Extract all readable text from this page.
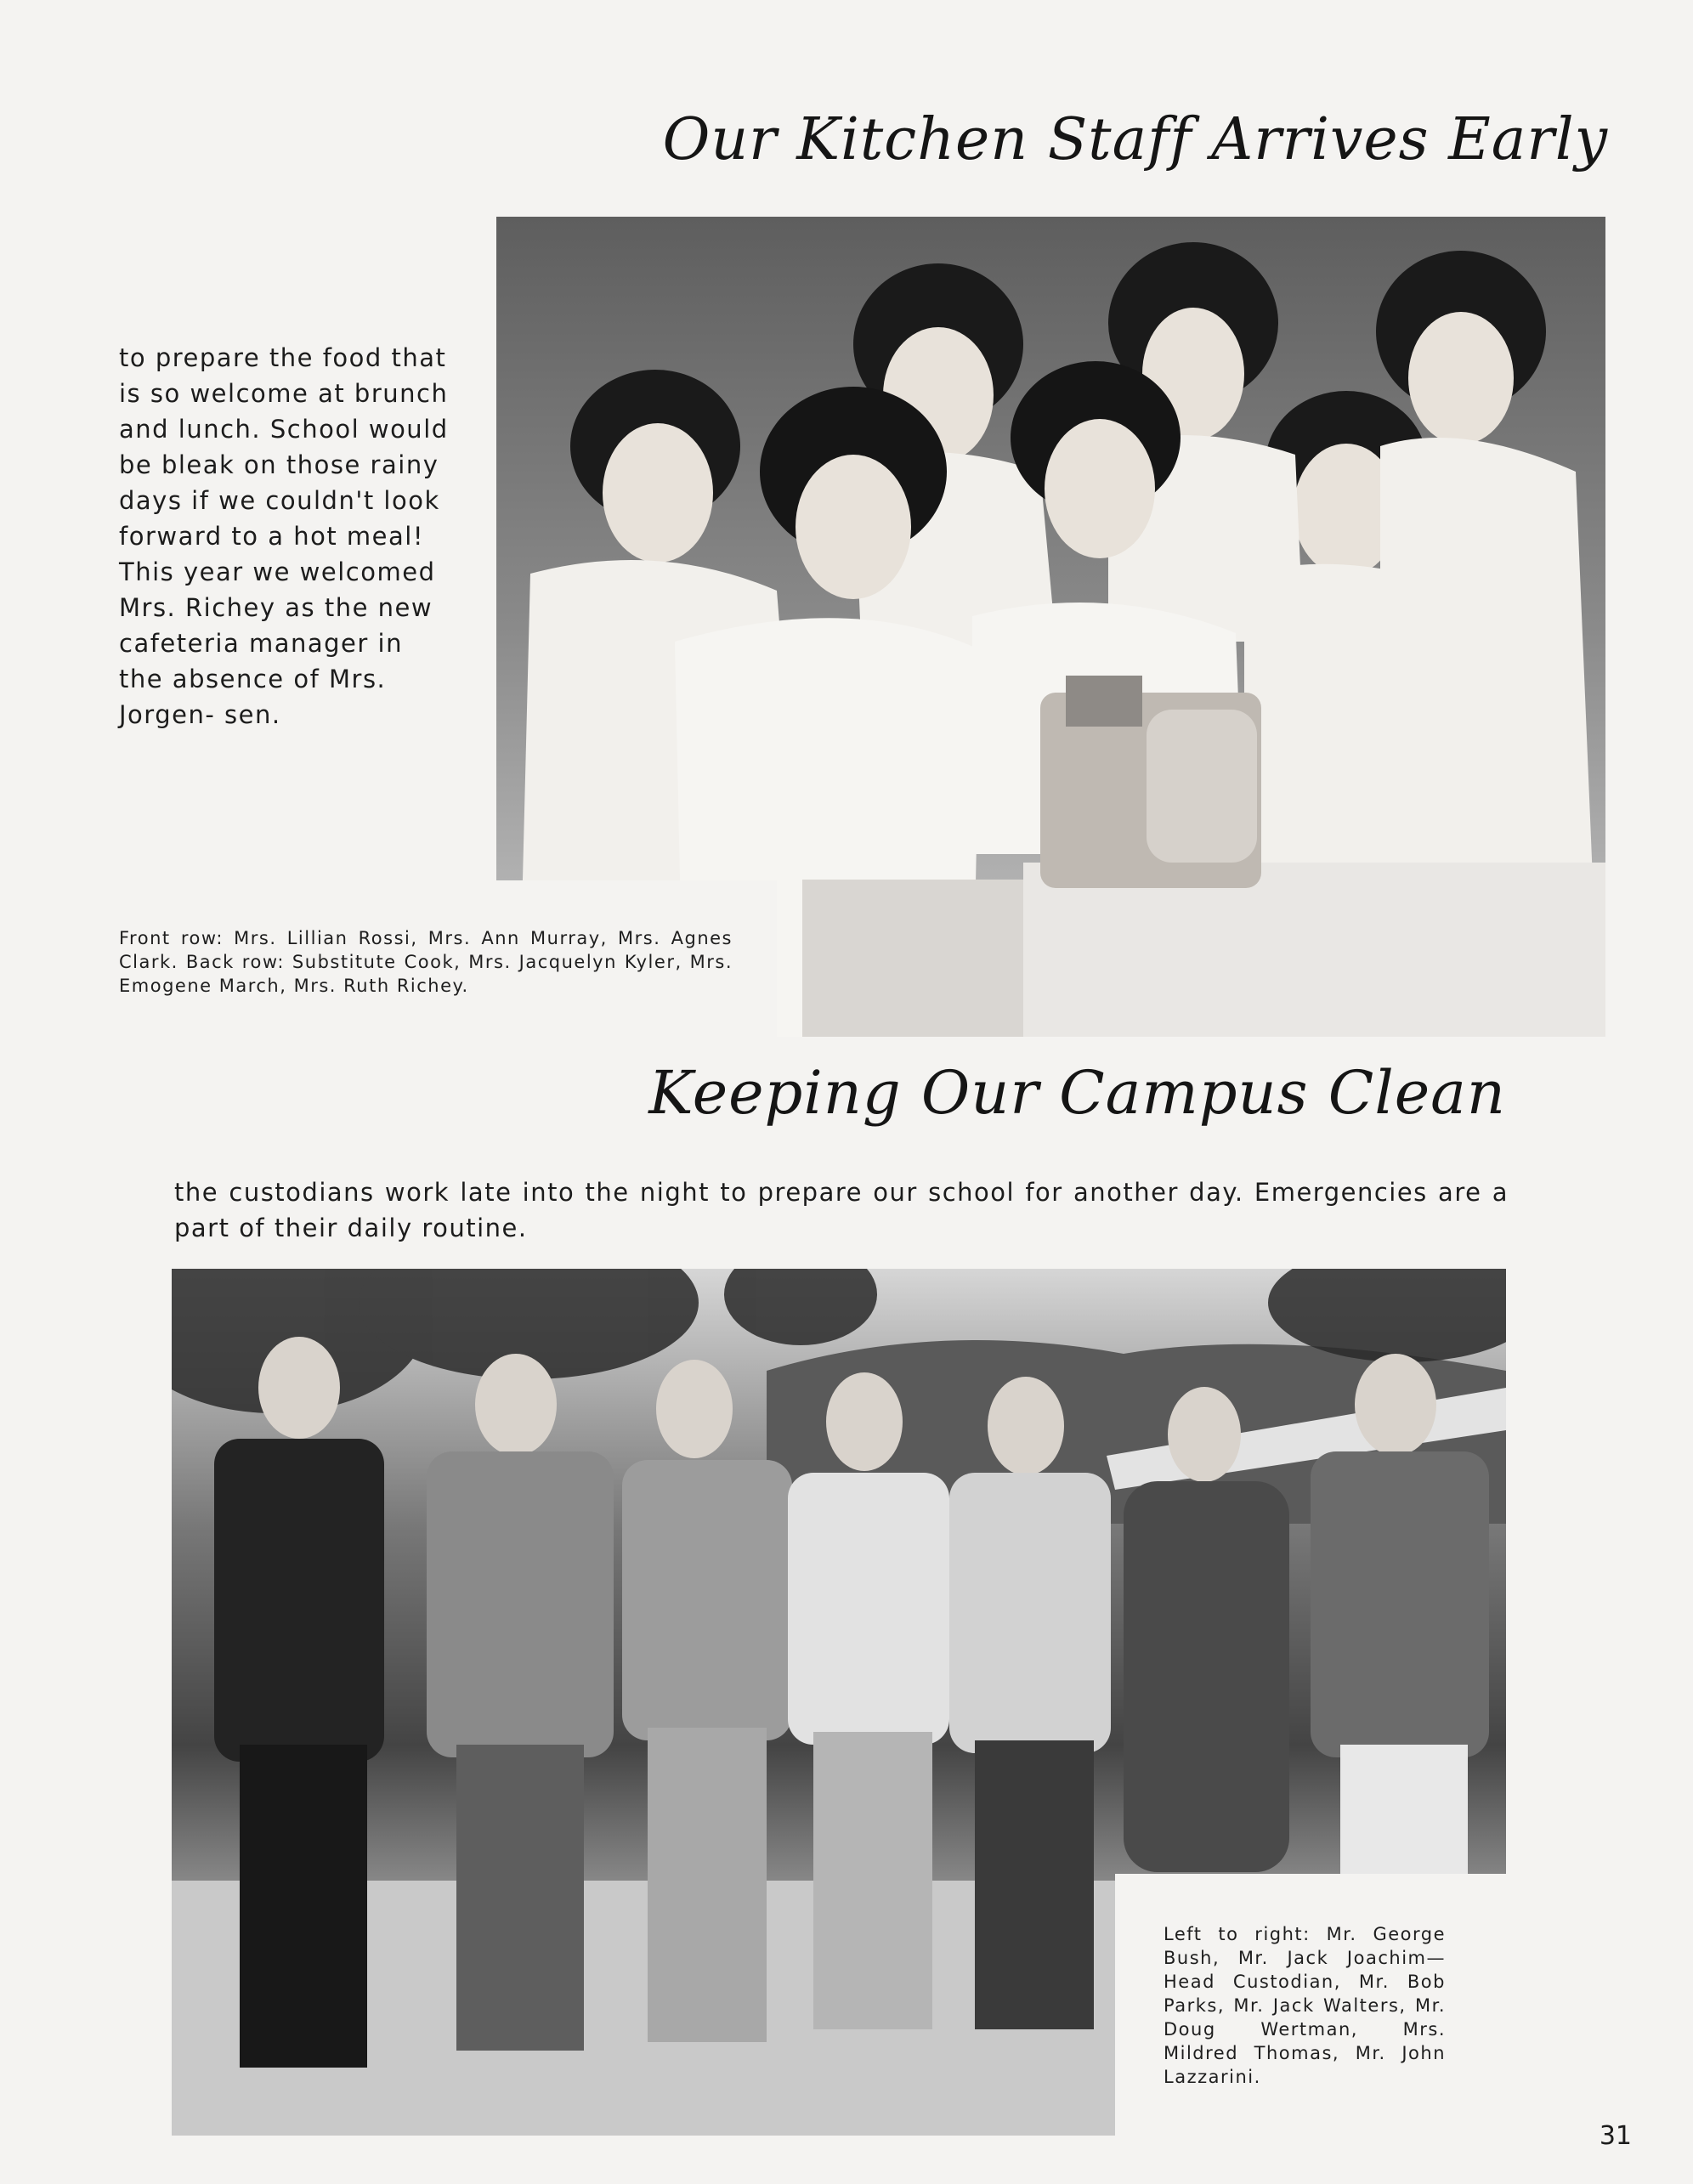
Our Kitchen Staff Arrives Early
to prepare the food that is so welcome at brunch and lunch. School would be bleak on those rainy days if we couldn't look forward to a hot meal! This year we welcomed Mrs. Richey as the new cafeteria manager in the absence of Mrs. Jorgen- sen.
Front row: Mrs. Lillian Rossi, Mrs. Ann Murray, Mrs. Agnes Clark. Back row: Substitute Cook, Mrs. Jacquelyn Kyler, Mrs. Emogene March, Mrs. Ruth Richey.
Keeping Our Campus Clean
the custodians work late into the night to prepare our school for another day. Emergencies are a part of their daily routine.
Left to right: Mr. George Bush, Mr. Jack Joachim— Head Custodian, Mr. Bob Parks, Mr. Jack Walters, Mr. Doug Wertman, Mrs. Mildred Thomas, Mr. John Lazzarini.
31
